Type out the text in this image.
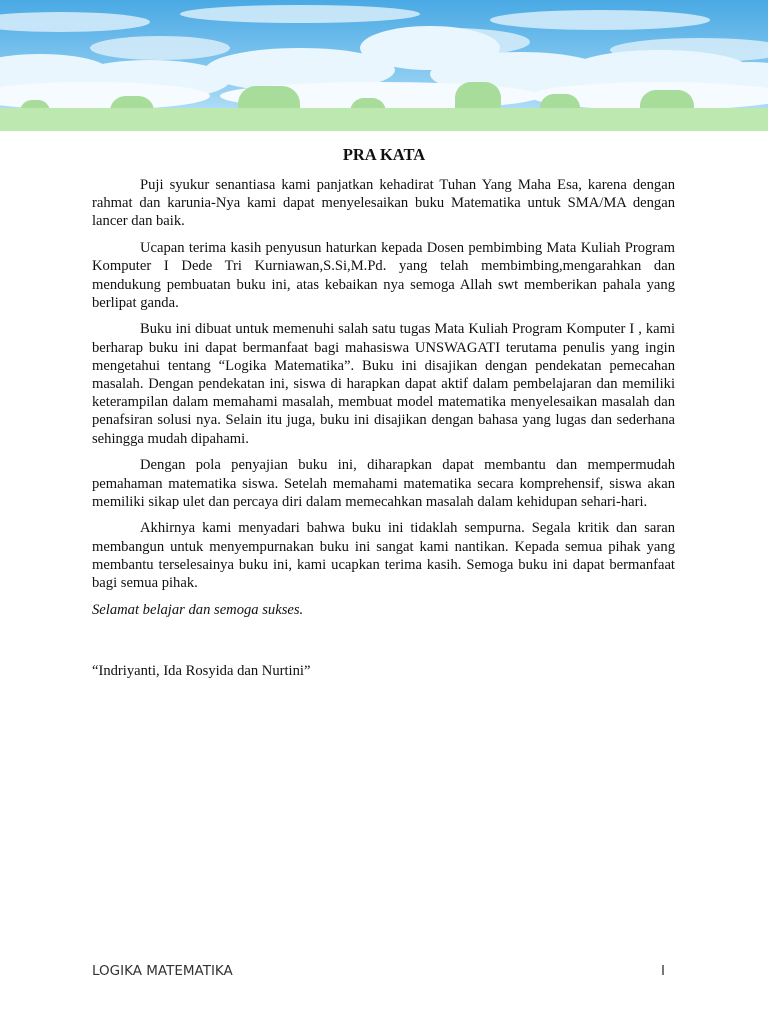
PRA KATA

Puji syukur senantiasa kami panjatkan kehadirat Tuhan Yang Maha Esa, karena dengan rahmat dan karunia-Nya kami dapat menyelesaikan buku Matematika untuk SMA/MA dengan lancer dan baik.

Ucapan terima kasih penyusun haturkan kepada Dosen pembimbing Mata Kuliah Program Komputer I Dede Tri Kurniawan,S.Si,M.Pd. yang telah membimbing,mengarahkan dan mendukung pembuatan buku ini, atas kebaikan nya semoga Allah swt memberikan pahala yang berlipat ganda.

Buku ini dibuat untuk memenuhi salah satu tugas Mata Kuliah Program Komputer I , kami berharap buku ini dapat bermanfaat bagi mahasiswa UNSWAGATI terutama penulis yang ingin mengetahui tentang “Logika Matematika”. Buku ini disajikan dengan pendekatan pemecahan masalah. Dengan pendekatan ini, siswa di harapkan dapat aktif dalam pembelajaran dan memiliki keterampilan dalam memahami masalah, membuat model matematika menyelesaikan masalah dan penafsiran solusi nya. Selain itu juga, buku ini disajikan dengan bahasa yang lugas dan sederhana sehingga mudah dipahami.

Dengan pola penyajian buku ini, diharapkan dapat membantu dan mempermudah pemahaman matematika siswa. Setelah memahami matematika secara komprehensif, siswa akan memiliki sikap ulet dan percaya diri dalam memecahkan masalah dalam kehidupan sehari-hari.

Akhirnya kami menyadari bahwa buku ini tidaklah sempurna. Segala kritik dan saran membangun untuk menyempurnakan buku ini sangat kami nantikan. Kepada semua pihak yang membantu terselesainya buku ini, kami ucapkan terima kasih. Semoga buku ini dapat bermanfaat bagi semua pihak.

Selamat belajar dan semoga sukses.

“Indriyanti, Ida Rosyida dan Nurtini”

LOGIKA MATEMATIKA	I
